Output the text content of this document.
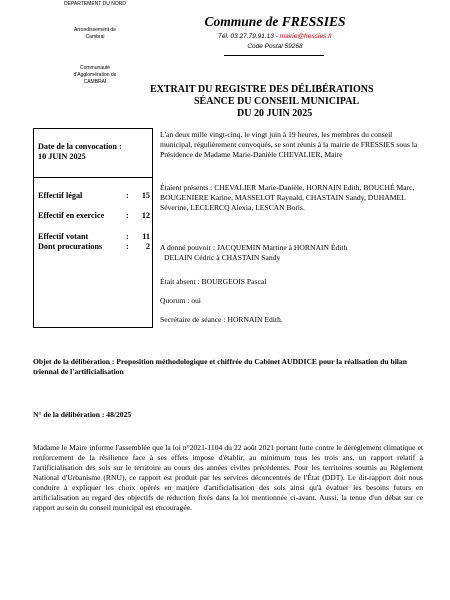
DEPARTEMENT DU NORD
Arrondissement de
Cambrai
Communauté
d'Agglomération de
CAMBRAI
Commune de FRESSIES
Tél. 03 27.79.91.13 - mairie@fressies.fr
Code Postal 59268
EXTRAIT DU REGISTRE DES DÉLIBÉRATIONS
SÉANCE DU CONSEIL MUNICIPAL
DU 20 JUIN 2025
Date de la convocation :
10 JUIN 2025
Effectif légal	: 15
Effectif en exercice	: 12
Effectif votant	: 11
Dont procurations	: 2
L'an deux mille vingt-cinq, le vingt juin à 19 heures, les membres du conseil municipal, régulièrement convoqués, se sont réunis à la mairie de FRESSIES sous la Présidence de Madame Marie-Danièle CHEVALIER, Maire
Étaient présents : CHEVALIER Marie-Danièle, HORNAIN Edith, BOUCHÉ Marc, BOUGENIERE Karine, MASSELOT Raynald, CHASTAIN Sandy, DUHAMEL Séverine, LECLERCQ Alexia, LESCAN Boris.
A donné pouvoir : JACQUEMIN Martine à HORNAIN Édith
DELAIN Cédric à CHASTAIN Sandy
Était absent : BOURGEOIS Pascal
Quorum : oui
Secrétaire de séance : HORNAIN Edith.
Objet de la délibération : Proposition méthodologique et chiffrée du Cabinet AUDDICE pour la réalisation du bilan triennal de l'artificialisation
N° de la délibération : 48/2025
Madame le Maire informe l'assemblée que la loi n°2021-1104 du 22 août 2021 portant lutte contre le dérèglement climatique et renforcement de la résilience face à ses effets impose d'établir, au minimum tous les trois ans, un rapport relatif à l'artificialisation des sols sur le territoire au cours des années civiles précédentes. Pour les territoires soumis au Règlement National d'Urbanisme (RNU), ce rapport est produit par les services déconcentrés de l'État (DDT). Le dit-rapport doit nous conduire à expliquer les choix opérés en matière d'artificialisation des sols ainsi qu'à évaluer les besoins futurs en artificialisation au regard des objectifs de réduction fixés dans la loi mentionnée ci-avant. Aussi, la tenue d'un débat sur ce rapport au sein du conseil municipal est encouragée.
